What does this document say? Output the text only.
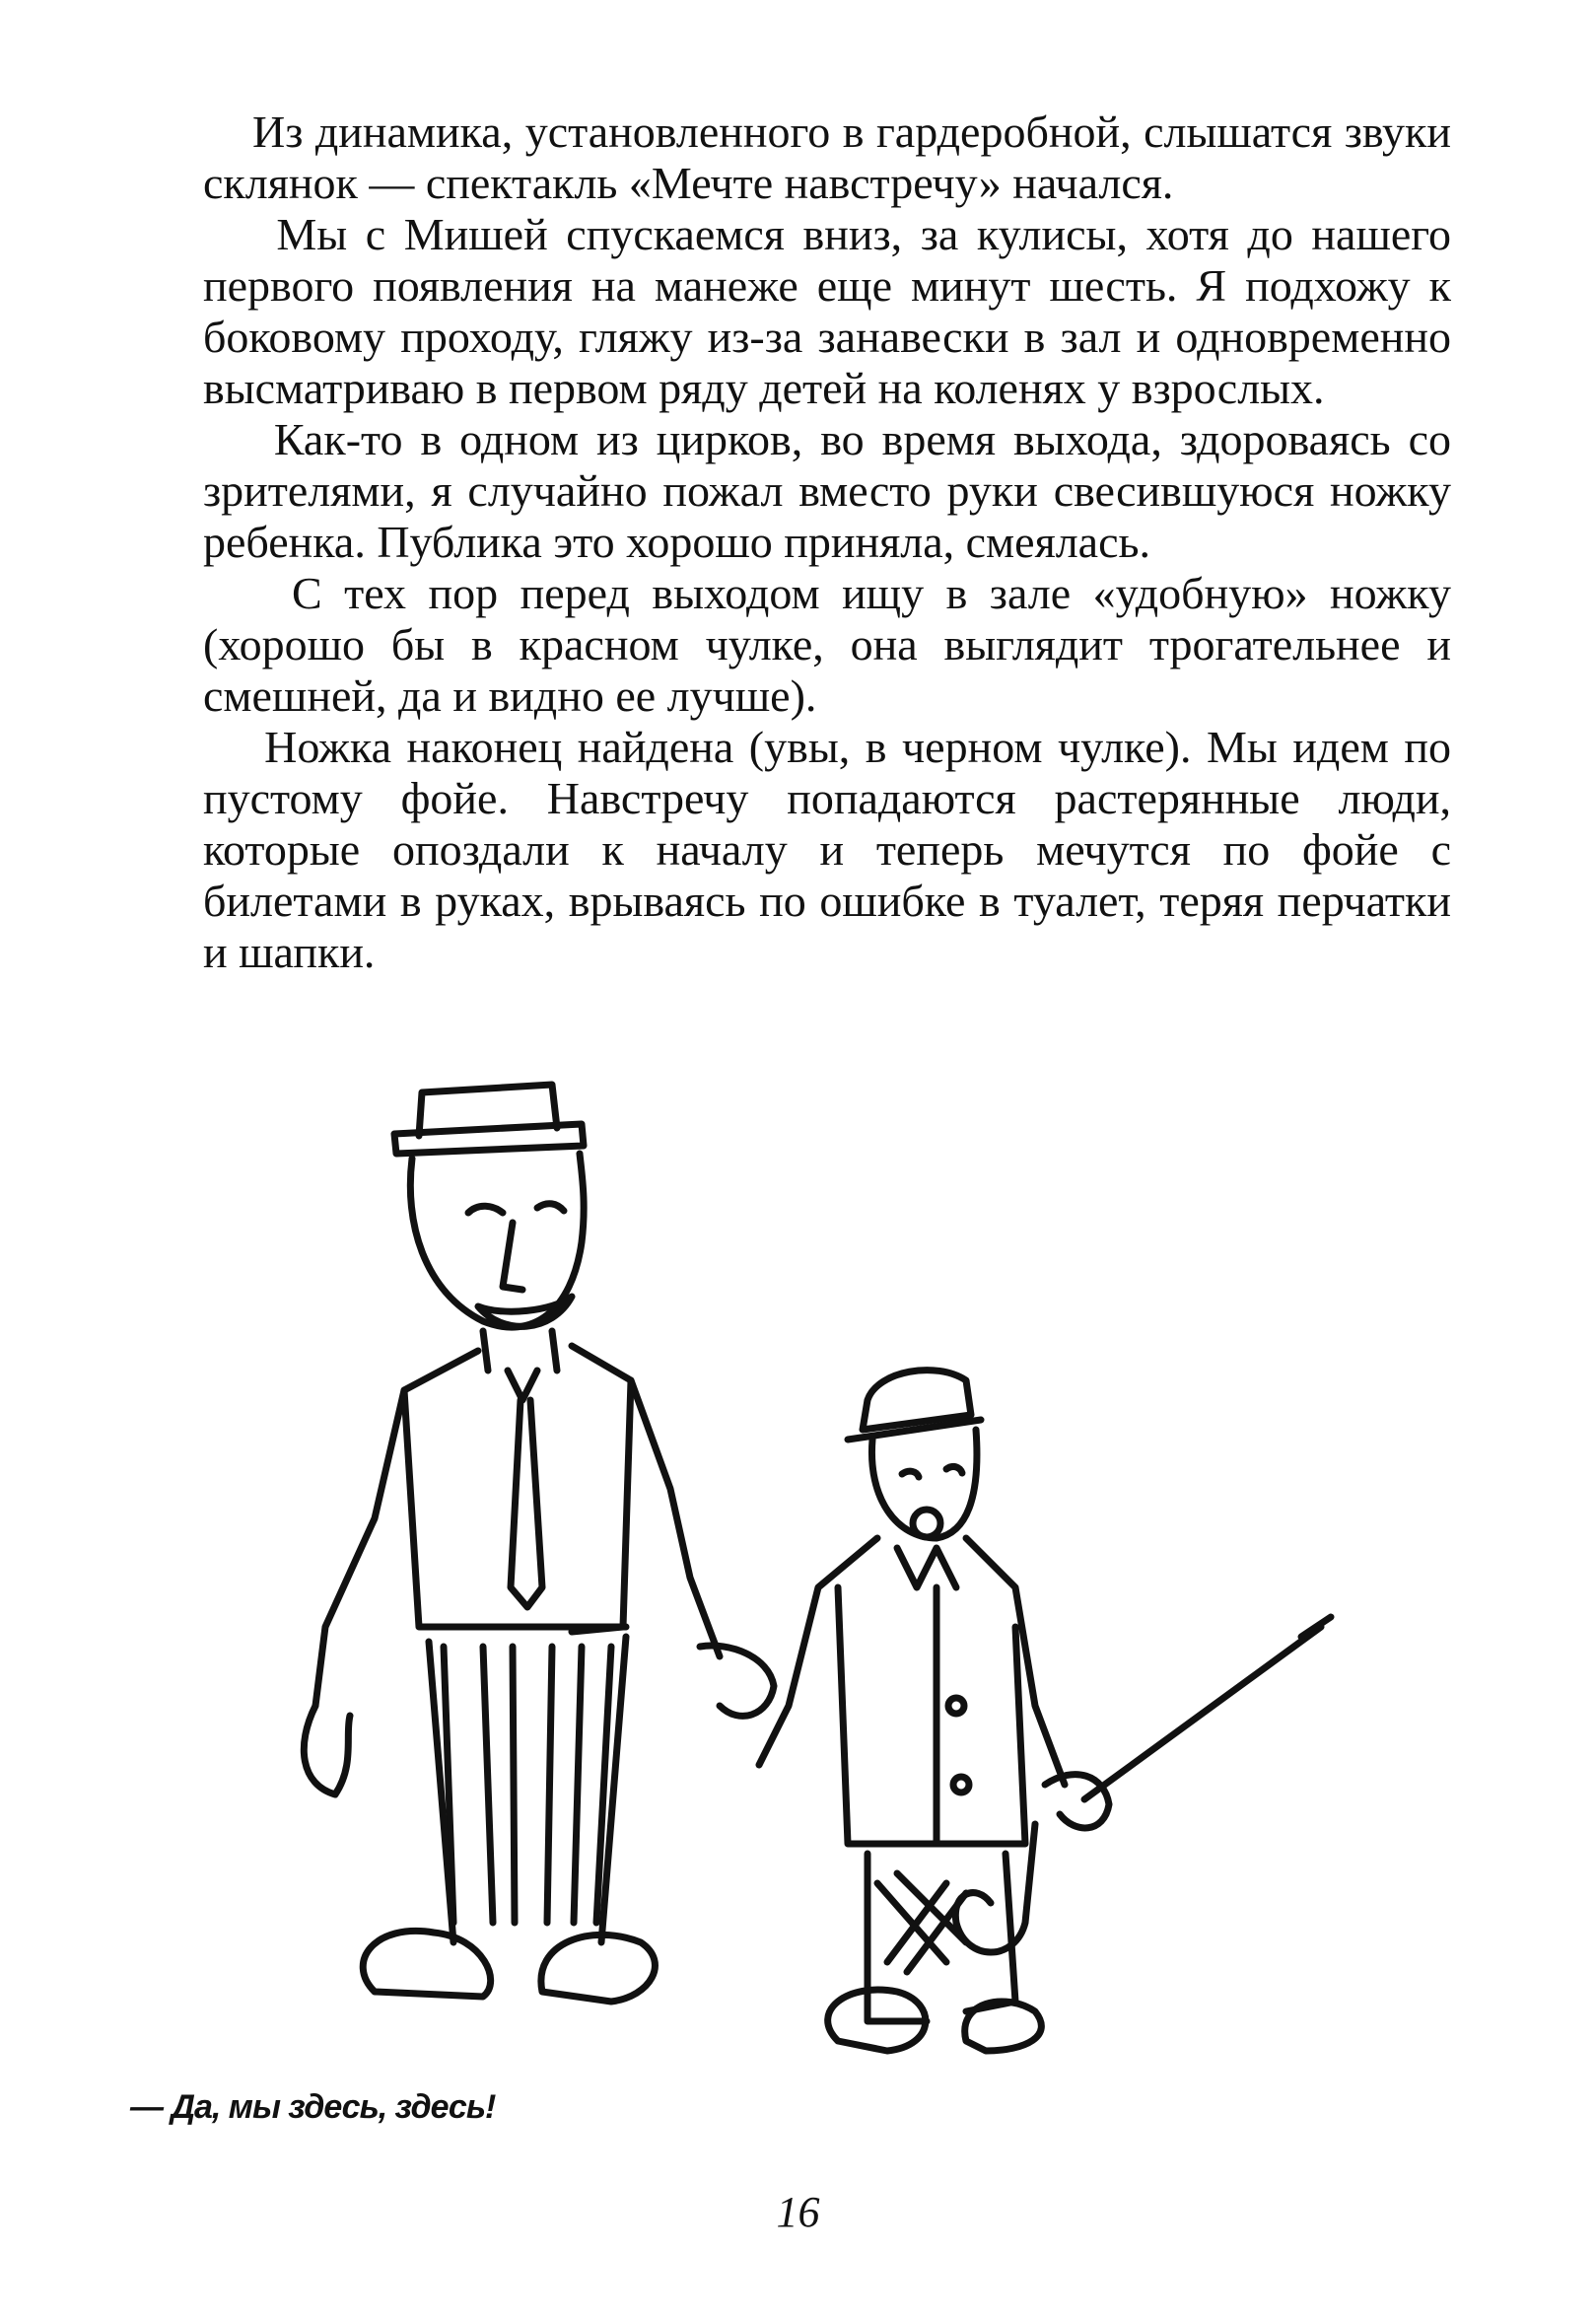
Из динамика, установленного в гардеробной, слышатся звуки склянок — спектакль «Мечте навстречу» начался.

Мы с Мишей спускаемся вниз, за кулисы, хотя до нашего первого появления на манеже еще минут шесть. Я подхожу к боковому проходу, гляжу из-за занавески в зал и одновременно высматриваю в первом ряду детей на коленях у взрослых.

Как-то в одном из цирков, во время выхода, здороваясь со зрителями, я случайно пожал вместо руки свесившуюся ножку ребенка. Публика это хорошо приняла, смеялась.

С тех пор перед выходом ищу в зале «удобную» ножку (хорошо бы в красном чулке, она выглядит трогательнее и смешней, да и видно ее лучше).

Ножка наконец найдена (увы, в черном чулке). Мы идем по пустому фойе. Навстречу попадаются растерянные люди, которые опоздали к началу и теперь мечутся по фойе с билетами в руках, врываясь по ошибке в туалет, теряя перчатки и шапки.

— Да, мы здесь, здесь!
16
